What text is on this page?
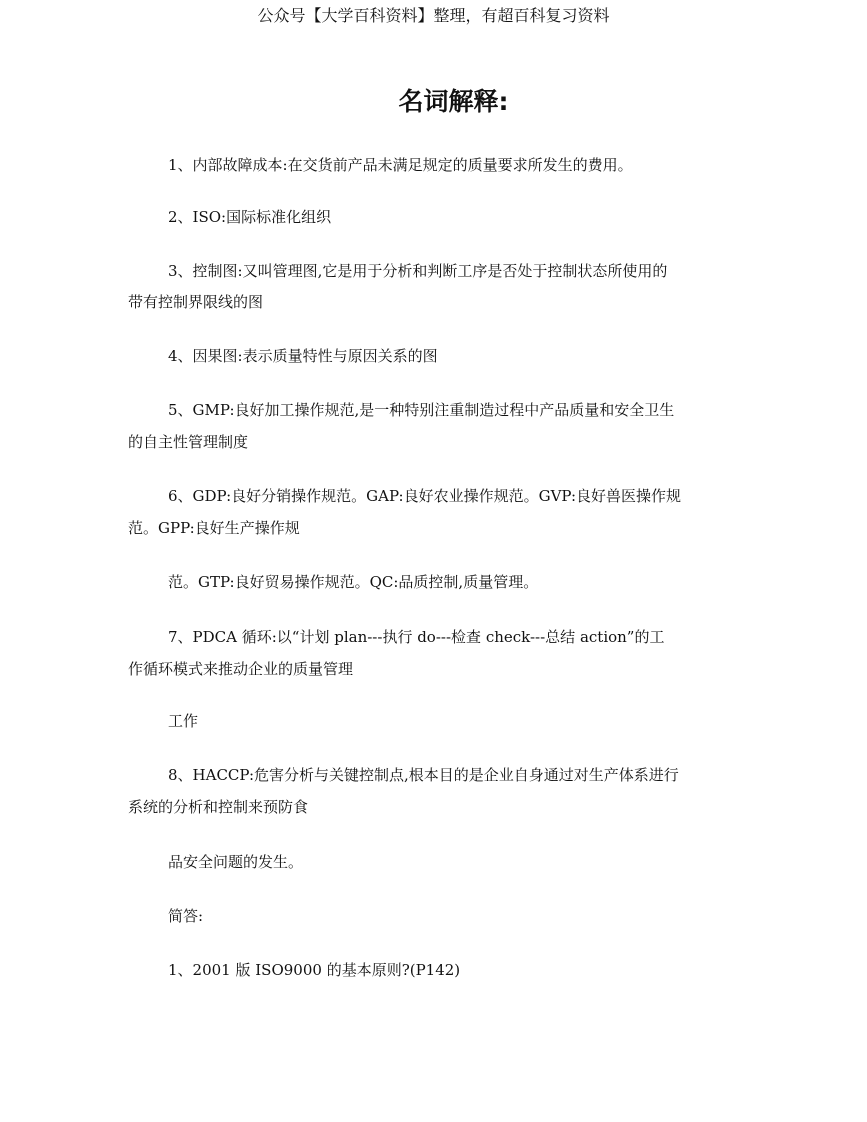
公众号【大学百科资料】整理，有超百科复习资料
名词解释:
1、内部故障成本:在交货前产品未满足规定的质量要求所发生的费用。
2、ISO:国际标准化组织
3、控制图:又叫管理图,它是用于分析和判断工序是否处于控制状态所使用的
带有控制界限线的图
4、因果图:表示质量特性与原因关系的图
5、GMP:良好加工操作规范,是一种特别注重制造过程中产品质量和安全卫生
的自主性管理制度
6、GDP:良好分销操作规范。GAP:良好农业操作规范。GVP:良好兽医操作规
范。GPP:良好生产操作规
范。GTP:良好贸易操作规范。QC:品质控制,质量管理。
7、PDCA 循环:以“计划 plan---执行 do---检查 check---总结 action”的工
作循环模式来推动企业的质量管理
工作
8、HACCP:危害分析与关键控制点,根本目的是企业自身通过对生产体系进行
系统的分析和控制来预防食
品安全问题的发生。
简答:
1、2001 版 ISO9000 的基本原则?(P142)
